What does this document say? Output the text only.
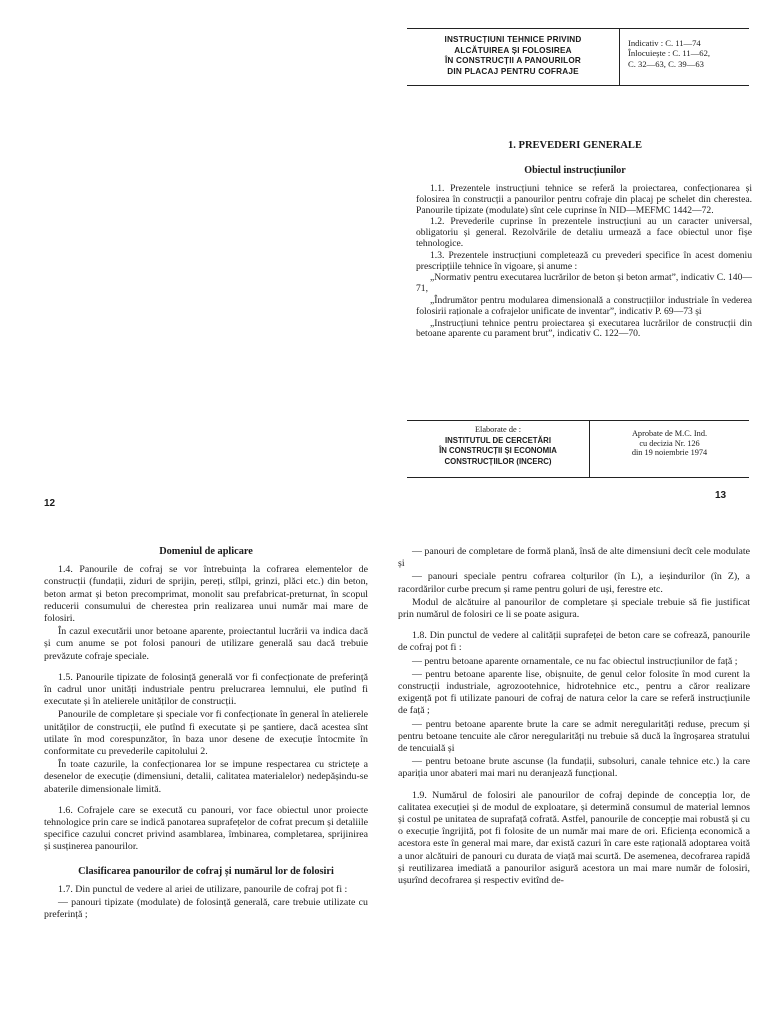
INSTRUCȚIUNI TEHNICE PRIVIND
ALCĂTUIREA ȘI FOLOSIREA
ÎN CONSTRUCȚII A PANOURILOR
DIN PLACAJ PENTRU COFRAJE
Indicativ : C. 11—74
Înlocuiește : C. 11—62,
C. 32—63, C. 39—63
1. PREVEDERI GENERALE
Obiectul instrucțiunilor

1.1. Prezentele instrucțiuni tehnice se referă la proiectarea, confecționarea și folosirea în construcții a panourilor pentru cofraje din placaj pe schelet din cherestea. Panourile tipizate (modulate) sînt cele cuprinse în NID—MEFMC 1442—72.

1.2. Prevederile cuprinse în prezentele instrucțiuni au un caracter universal, obligatoriu și general. Rezolvările de detaliu urmează a face obiectul unor fișe tehnologice.

1.3. Prezentele instrucțiuni completează cu prevederi specifice în acest domeniu prescripțiile tehnice în vigoare, și anume :

„Normativ pentru executarea lucrărilor de beton și beton armat”, indicativ C. 140—71,

„Îndrumător pentru modularea dimensională a construcțiilor industriale în vederea folosirii raționale a cofrajelor unificate de inventar”, indicativ P. 69—73 și

„Instrucțiuni tehnice pentru proiectarea și executarea lucrărilor de construcții din betoane aparente cu parament brut”, indicativ C. 122—70.

Elaborate de :
INSTITUTUL DE CERCETĂRI
ÎN CONSTRUCȚII ȘI ECONOMIA
CONSTRUCȚIILOR (INCERC)
Aprobate de M.C. Ind.
cu decizia Nr. 126
din 19 noiembrie 1974
12
13

Domeniul de aplicare

1.4. Panourile de cofraj se vor întrebuința la cofrarea elementelor de construcții (fundații, ziduri de sprijin, pereți, stîlpi, grinzi, plăci etc.) din beton, beton armat și beton precomprimat, monolit sau prefabricat-preturnat, în scopul reducerii consumului de cherestea prin realizarea unui număr mai mare de folosiri.

În cazul executării unor betoane aparente, proiectantul lucrării va indica dacă și cum anume se pot folosi panouri de utilizare generală sau dacă trebuie prevăzute cofraje speciale.

1.5. Panourile tipizate de folosință generală vor fi confecționate de preferință în cadrul unor unități industriale pentru prelucrarea lemnului, ele putînd fi executate și în atelierele unităților de construcții.

Panourile de completare și speciale vor fi confecționate în general în atelierele unităților de construcții, ele putînd fi executate și pe șantiere, dacă acestea sînt utilate în mod corespunzător, în baza unor desene de execuție întocmite în conformitate cu prevederile capitolului 2.

În toate cazurile, la confecționarea lor se impune respectarea cu strictețe a desenelor de execuție (dimensiuni, detalii, calitatea materialelor) nedepășindu-se abaterile dimensionale limită.

1.6. Cofrajele care se execută cu panouri, vor face obiectul unor proiecte tehnologice prin care se indică panotarea suprafețelor de cofrat precum și detaliile specifice cazului concret privind asamblarea, îmbinarea, completarea, sprijinirea și susținerea panourilor.

Clasificarea panourilor de cofraj și numărul lor de folosiri

1.7. Din punctul de vedere al ariei de utilizare, panourile de cofraj pot fi :

— panouri tipizate (modulate) de folosință generală, care trebuie utilizate cu preferință ;

— panouri de completare de formă plană, însă de alte dimensiuni decît cele modulate și

— panouri speciale pentru cofrarea colțurilor (în L), a ieșindurilor (în Z), a racordărilor curbe precum și ramе pentru goluri de uși, ferestre etc.

Modul de alcătuire al panourilor de completare și speciale trebuie să fie justificat prin numărul de folosiri ce li se poate asigura.

1.8. Din punctul de vedere al calității suprafeței de beton care se cofrează, panourile de cofraj pot fi :

— pentru betoane aparente ornamentale, ce nu fac obiectul instrucțiunilor de față ;

— pentru betoane aparente lise, obișnuite, de genul celor folosite în mod curent la construcții industriale, agrozootehnice, hidrotehnice etc., pentru a căror realizare exigență pot fi utilizate panouri de cofraj de natura celor la care se referă instrucțiunile de față ;

— pentru betoane aparente brute la care se admit neregularități reduse, precum și pentru betoane tencuite ale căror neregularități nu trebuie să ducă la îngroșarea stratului de tencuială și

— pentru betoane brute ascunse (la fundații, subsoluri, canale tehnice etc.) la care apariția unor abateri mai mari nu deranjează funcțional.

1.9. Numărul de folosiri ale panourilor de cofraj depinde de concepția lor, de calitatea execuției și de modul de exploatare, și determină consumul de material lemnos și costul pe unitatea de suprafață cofrată. Astfel, panourile de concepție mai robustă și cu o execuție îngrijită, pot fi folosite de un număr mai mare de ori. Eficiența economică a acestora este în general mai mare, dar există cazuri în care este rațională adoptarea voită a unor alcătuiri de panouri cu durata de viață mai scurtă. De asemenea, decofrarea rapidă și reutilizarea imediată a panourilor asigură acestora un mai mare număr de folosiri, ușurînd decofrarea și respectiv evitînd de-
